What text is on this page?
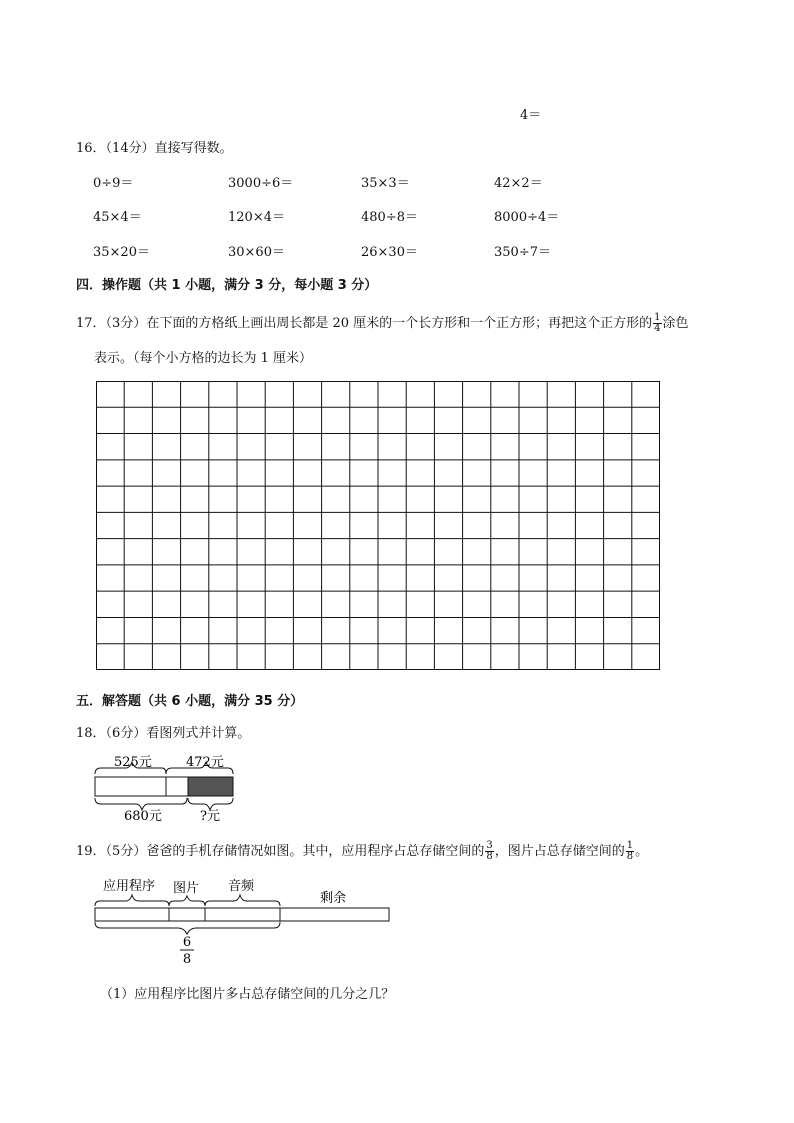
4＝
16．（14分）直接写得数。
0÷9＝	3000÷6＝	35×3＝	42×2＝
45×4＝	120×4＝	480÷8＝	8000÷4＝
35×20＝	30×60＝	26×30＝	350÷7＝
四．操作题（共 1 小题，满分 3 分，每小题 3 分）
17．（3分）在下面的方格纸上画出周长都是 20 厘米的一个长方形和一个正方形；再把这个正方形的 $\frac{1}{4}$ 涂色
表示。（每个小方格的边长为 1 厘米）
五．解答题（共 6 小题，满分 35 分）
18．（6分）看图列式并计算。
525元	472元
680元	?元
19．（5分）爸爸的手机存储情况如图。其中，应用程序占总存储空间的 $\frac{3}{8}$ ，图片占总存储空间的 $\frac{1}{8}$ 。
应用程序 图片 音频
剩余
6
8
（1）应用程序比图片多占总存储空间的几分之几？
